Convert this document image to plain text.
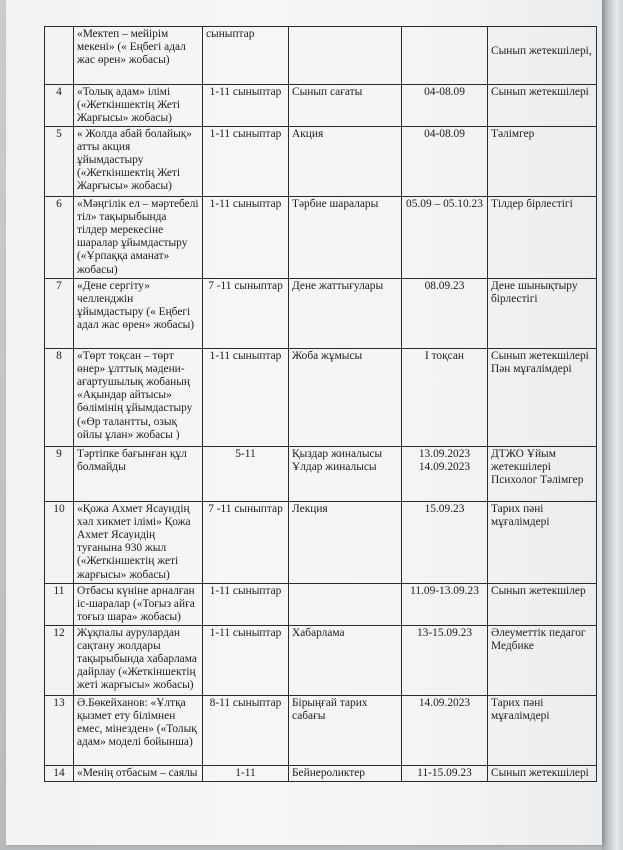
	«Мектеп – мейірім мекені» (« Еңбегі адал жас өрен» жобасы)	сыныптар			Сынып жетекшілері,
4	«Толық адам» ілімі («Жеткіншектің Жеті Жарғысы» жобасы)	1-11 сыныптар	Сынып сағаты	04-08.09	Сынып жетекшілері
5	« Жолда абай болайық» атты акция ұйымдастыру («Жеткіншектің Жеті Жарғысы» жобасы)	1-11 сыныптар	Акция	04-08.09	Тәлімгер
6	«Мәңгілік ел – мәртебелі тіл» тақырыбында тілдер мерекесіне шаралар ұйымдастыру («Ұрпаққа аманат» жобасы)	1-11 сыныптар	Тәрбие шаралары	05.09 – 05.10.23	Тілдер бірлестігі
7	«Дене сергіту» челленджін ұйымдастыру (« Еңбегі адал жас өрен» жобасы)	7 -11 сыныптар	Дене жаттығулары	08.09.23	Дене шынықтыру бірлестігі
8	«Төрт тоқсан – төрт өнер» ұлттық мәдени-ағартушылық жобаның «Ақындар айтысы» бөлімінің ұйымдастыру («Өр талантты, озық ойлы ұлан» жобасы )	1-11 сыныптар	Жоба жұмысы	І тоқсан	Сынып жетекшілері Пән мұғалімдері
9	Тәртіпке бағынған құл болмайды	5-11	Қыздар жиналысы Ұлдар жиналысы	13.09.2023 14.09.2023	ДТЖО Ұйым жетекшілері Психолог Тәлімгер
10	«Қожа Ахмет Ясауидің хәл хикмет ілімі» Қожа Ахмет Ясауидің туғанына 930 жыл («Жеткіншектің жеті жарғысы» жобасы)	7 -11 сыныптар	Лекция	15.09.23	Тарих пәні мұғалімдері
11	Отбасы күніне арналған іс-шаралар («Тоғыз айға тоғыз шара» жобасы)	1-11 сыныптар		11.09-13.09.23	Сынып жетекшілер
12	Жұқпалы аурулардан сақтану жолдары тақырыбында хабарлама дайрлау («Жеткіншектің жеті жарғысы» жобасы)	1-11 сыныптар	Хабарлама	13-15.09.23	Әлеуметтік педагог Медбике
13	Ә.Бөкейханов: «Ұлтқа қызмет ету білімнен емес, мінезден» («Толық адам» моделі бойынша)	8-11 сыныптар	Бірыңғай тарих сабағы	14.09.2023	Тарих пәні мұғалімдері
14	«Менің отбасым – саялы	1-11	Бейнероликтер	11-15.09.23	Сынып жетекшілері
